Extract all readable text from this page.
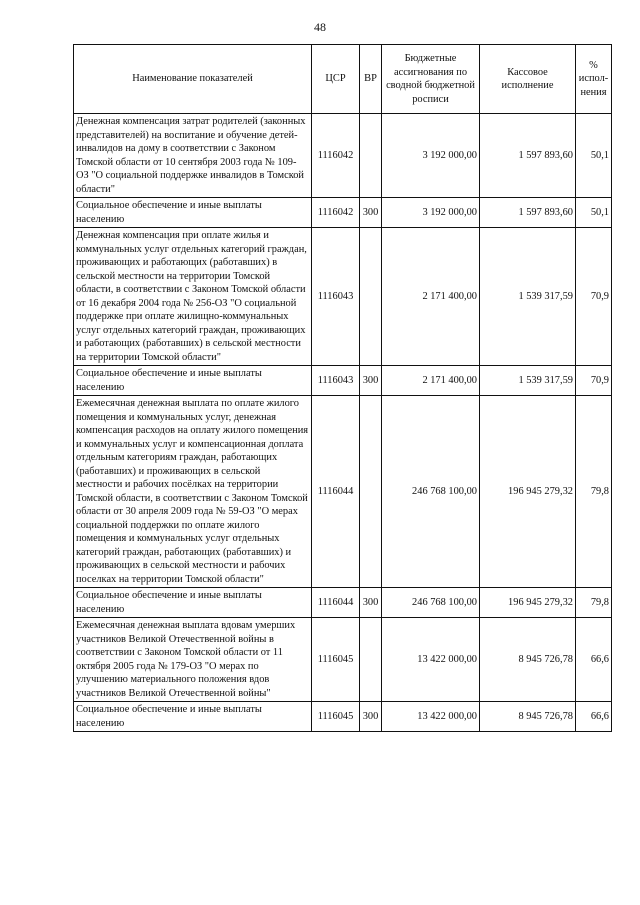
48
Наименование показателей	ЦСР	ВР	Бюджетные ассигнования по сводной бюджетной росписи	Кассовое исполнение	% испол-нения
Денежная компенсация затрат родителей (законных представителей) на воспитание и обучение детей-инвалидов на дому в соответствии с Законом Томской области от 10 сентября 2003 года № 109-ОЗ "О социальной поддержке инвалидов в Томской области"	1116042		3 192 000,00	1 597 893,60	50,1
Социальное обеспечение и иные выплаты населению	1116042	300	3 192 000,00	1 597 893,60	50,1
Денежная компенсация при оплате жилья и коммунальных услуг отдельных категорий граждан, проживающих и работающих (работавших) в сельской местности на территории Томской области, в соответствии с Законом Томской области от 16 декабря 2004 года № 256-ОЗ "О социальной поддержке при оплате жилищно-коммунальных услуг отдельных категорий граждан, проживающих и работающих (работавших) в сельской местности на территории Томской области"	1116043		2 171 400,00	1 539 317,59	70,9
Социальное обеспечение и иные выплаты населению	1116043	300	2 171 400,00	1 539 317,59	70,9
Ежемесячная денежная выплата по оплате жилого помещения и коммунальных услуг, денежная компенсация расходов на оплату жилого помещения и коммунальных услуг и компенсационная доплата отдельным категориям граждан, работающих (работавших) и проживающих в сельской местности и рабочих посёлках на территории Томской области, в соответствии с Законом Томской области от 30 апреля 2009 года № 59-ОЗ "О мерах социальной поддержки по оплате жилого помещения и коммунальных услуг отдельных категорий граждан, работающих (работавших) и проживающих в сельской местности и рабочих поселках на территории Томской области"	1116044		246 768 100,00	196 945 279,32	79,8
Социальное обеспечение и иные выплаты населению	1116044	300	246 768 100,00	196 945 279,32	79,8
Ежемесячная денежная выплата вдовам умерших участников Великой Отечественной войны в соответствии с Законом Томской области от 11 октября 2005 года № 179-ОЗ "О мерах по улучшению материального положения вдов участников Великой Отечественной войны"	1116045		13 422 000,00	8 945 726,78	66,6
Социальное обеспечение и иные выплаты населению	1116045	300	13 422 000,00	8 945 726,78	66,6
